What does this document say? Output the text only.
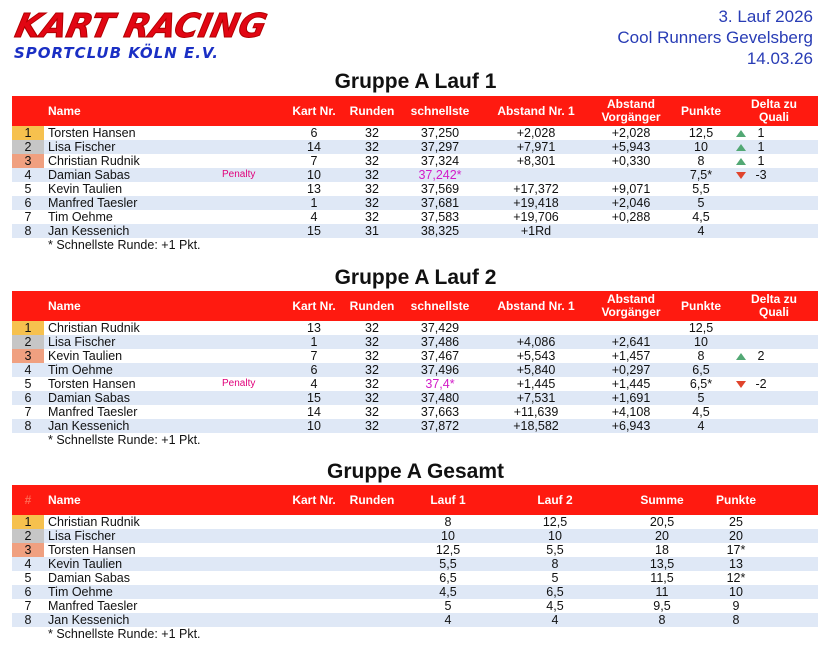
KART RACING
SPORTCLUB KÖLN E.V.
3. Lauf 2026
Cool Runners Gevelsberg
14.03.26
Gruppe A Lauf 1
	Name		Kart Nr.	Runden	schnellste	Abstand Nr. 1	Abstand
Vorgänger	Punkte	Delta zu
Quali
1	Torsten Hansen		6	32	37,250	+2,028	+2,028	12,5	1
2	Lisa Fischer		14	32	37,297	+7,971	+5,943	10	1
3	Christian Rudnik		7	32	37,324	+8,301	+0,330	8	1
4	Damian Sabas	Penalty	10	32	37,242*			7,5*	-3
5	Kevin Taulien		13	32	37,569	+17,372	+9,071	5,5	
6	Manfred Taesler		1	32	37,681	+19,418	+2,046	5	
7	Tim Oehme		4	32	37,583	+19,706	+0,288	4,5	
8	Jan Kessenich		15	31	38,325	+1Rd		4	
	* Schnellste Runde: +1 Pkt.								
Gruppe A Lauf 2
	Name		Kart Nr.	Runden	schnellste	Abstand Nr. 1	Abstand
Vorgänger	Punkte	Delta zu
Quali
1	Christian Rudnik		13	32	37,429			12,5	
2	Lisa Fischer		1	32	37,486	+4,086	+2,641	10	
3	Kevin Taulien		7	32	37,467	+5,543	+1,457	8	2
4	Tim Oehme		6	32	37,496	+5,840	+0,297	6,5	
5	Torsten Hansen	Penalty	4	32	37,4*	+1,445	+1,445	6,5*	-2
6	Damian Sabas		15	32	37,480	+7,531	+1,691	5	
7	Manfred Taesler		14	32	37,663	+11,639	+4,108	4,5	
8	Jan Kessenich		10	32	37,872	+18,582	+6,943	4	
	* Schnellste Runde: +1 Pkt.								
Gruppe A Gesamt
#	Name		Kart Nr.	Runden	Lauf 1	Lauf 2	Summe	Punkte	
1	Christian Rudnik				8	12,5	20,5	25	
2	Lisa Fischer				10	10	20	20	
3	Torsten Hansen				12,5	5,5	18	17*	
4	Kevin Taulien				5,5	8	13,5	13	
5	Damian Sabas				6,5	5	11,5	12*	
6	Tim Oehme				4,5	6,5	11	10	
7	Manfred Taesler				5	4,5	9,5	9	
8	Jan Kessenich				4	4	8	8	
	* Schnellste Runde: +1 Pkt.								
